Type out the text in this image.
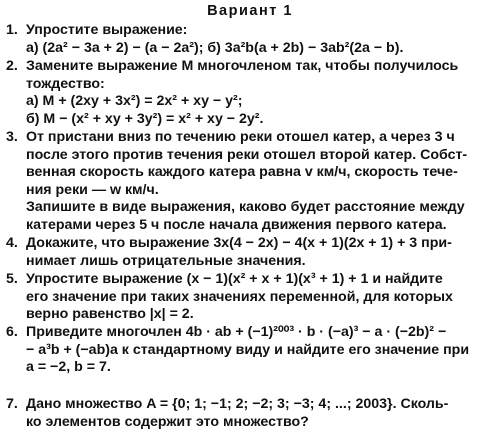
Вариант 1
1. Упростите выражение:
а) (2a² − 3a + 2) − (a − 2a²); б) 3a²b(a + 2b) − 3ab²(2a − b).
2. Замените выражение M многочленом так, чтобы получилось
тождество:
а) M + (2xy + 3x²) = 2x² + xy − y²;
б) M − (x² + xy + 3y²) = x² + xy − 2y².
3. От пристани вниз по течению реки отошел катер, а через 3 ч
после этого против течения реки отошел второй катер. Собст-
венная скорость каждого катера равна v км/ч, скорость тече-
ния реки — w км/ч.
Запишите в виде выражения, каково будет расстояние между
катерами через 5 ч после начала движения первого катера.
4. Докажите, что выражение 3x(4 − 2x) − 4(x + 1)(2x + 1) + 3 при-
нимает лишь отрицательные значения.
5. Упростите выражение (x − 1)(x² + x + 1)(x³ + 1) + 1 и найдите
его значение при таких значениях переменной, для которых
верно равенство |x| = 2.
6. Приведите многочлен 4b · ab + (−1)²⁰⁰³ · b · (−a)³ − a · (−2b)² −
− a³b + (−ab)a к стандартному виду и найдите его значение при
a = −2, b = 7.
7. Дано множество A = {0; 1; −1; 2; −2; 3; −3; 4; ...; 2003}. Сколь-
ко элементов содержит это множество?
